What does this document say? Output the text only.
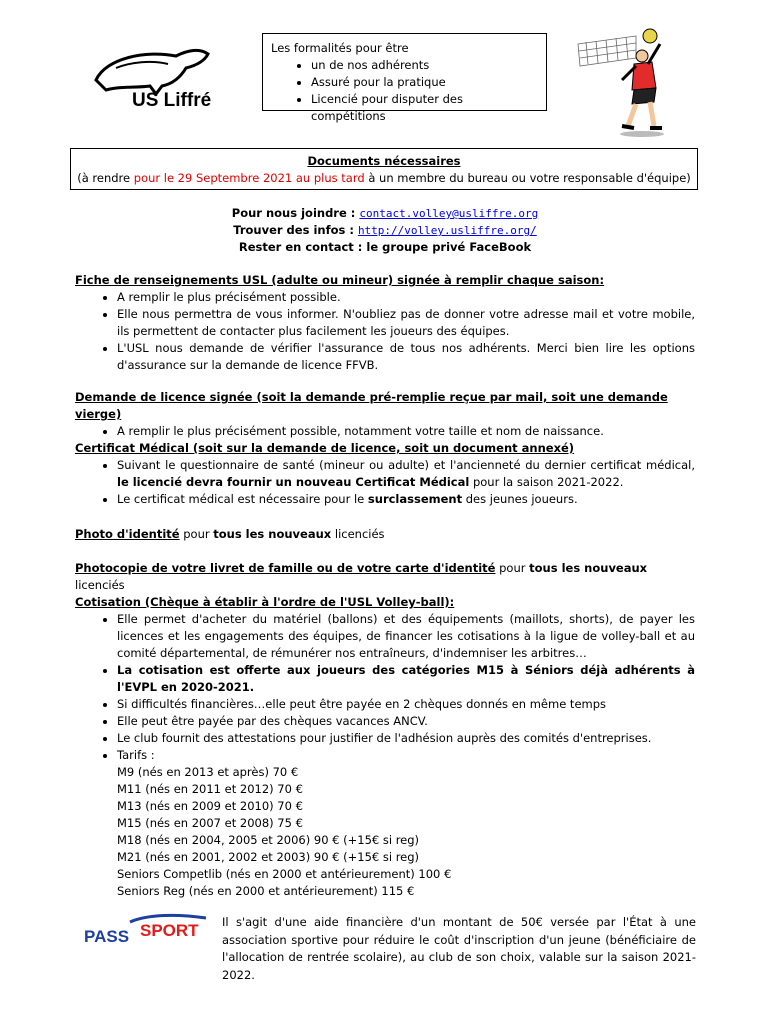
US Liffré
Les formalités pour être
• un de nos adhérents
• Assuré pour la pratique
• Licencié pour disputer des compétitions
Documents nécessaires
(à rendre pour le 29 Septembre 2021 au plus tard à un membre du bureau ou votre responsable d'équipe)
Pour nous joindre : contact.volley@usliffre.org
Trouver des infos : http://volley.usliffre.org/
Rester en contact : le groupe privé FaceBook
Fiche de renseignements USL (adulte ou mineur) signée à remplir chaque saison:
• A remplir le plus précisément possible.
• Elle nous permettra de vous informer. N'oubliez pas de donner votre adresse mail et votre mobile, ils permettent de contacter plus facilement les joueurs des équipes.
• L'USL nous demande de vérifier l'assurance de tous nos adhérents. Merci bien lire les options d'assurance sur la demande de licence FFVB.
Demande de licence signée (soit la demande pré-remplie reçue par mail, soit une demande vierge)
• A remplir le plus précisément possible, notamment votre taille et nom de naissance.
Certificat Médical (soit sur la demande de licence, soit un document annexé)
• Suivant le questionnaire de santé (mineur ou adulte) et l'ancienneté du dernier certificat médical, le licencié devra fournir un nouveau Certificat Médical pour la saison 2021-2022.
• Le certificat médical est nécessaire pour le surclassement des jeunes joueurs.
Photo d'identité pour tous les nouveaux licenciés
Photocopie de votre livret de famille ou de votre carte d'identité pour tous les nouveaux licenciés
Cotisation (Chèque à établir à l'ordre de l'USL Volley-ball):
• Elle permet d'acheter du matériel (ballons) et des équipements (maillots, shorts), de payer les licences et les engagements des équipes, de financer les cotisations à la ligue de volley-ball et au comité départemental, de rémunérer nos entraîneurs, d'indemniser les arbitres…
• La cotisation est offerte aux joueurs des catégories M15 à Séniors déjà adhérents à l'EVPL en 2020-2021.
• Si difficultés financières…elle peut être payée en 2 chèques donnés en même temps
• Elle peut être payée par des chèques vacances ANCV.
• Le club fournit des attestations pour justifier de l'adhésion auprès des comités d'entreprises.
• Tarifs :
M9 (nés en 2013 et après) 70 €
M11 (nés en 2011 et 2012) 70 €
M13 (nés en 2009 et 2010) 70 €
M15 (nés en 2007 et 2008) 75 €
M18 (nés en 2004, 2005 et 2006) 90 € (+15€ si reg)
M21 (nés en 2001, 2002 et 2003) 90 € (+15€ si reg)
Seniors Competlib (nés en 2000 et antérieurement) 100 €
Seniors Reg (nés en 2000 et antérieurement) 115 €
PASS SPORT Il s'agit d'une aide financière d'un montant de 50€ versée par l'État à une association sportive pour réduire le coût d'inscription d'un jeune (bénéficiaire de l'allocation de rentrée scolaire), au club de son choix, valable sur la saison 2021-2022.
